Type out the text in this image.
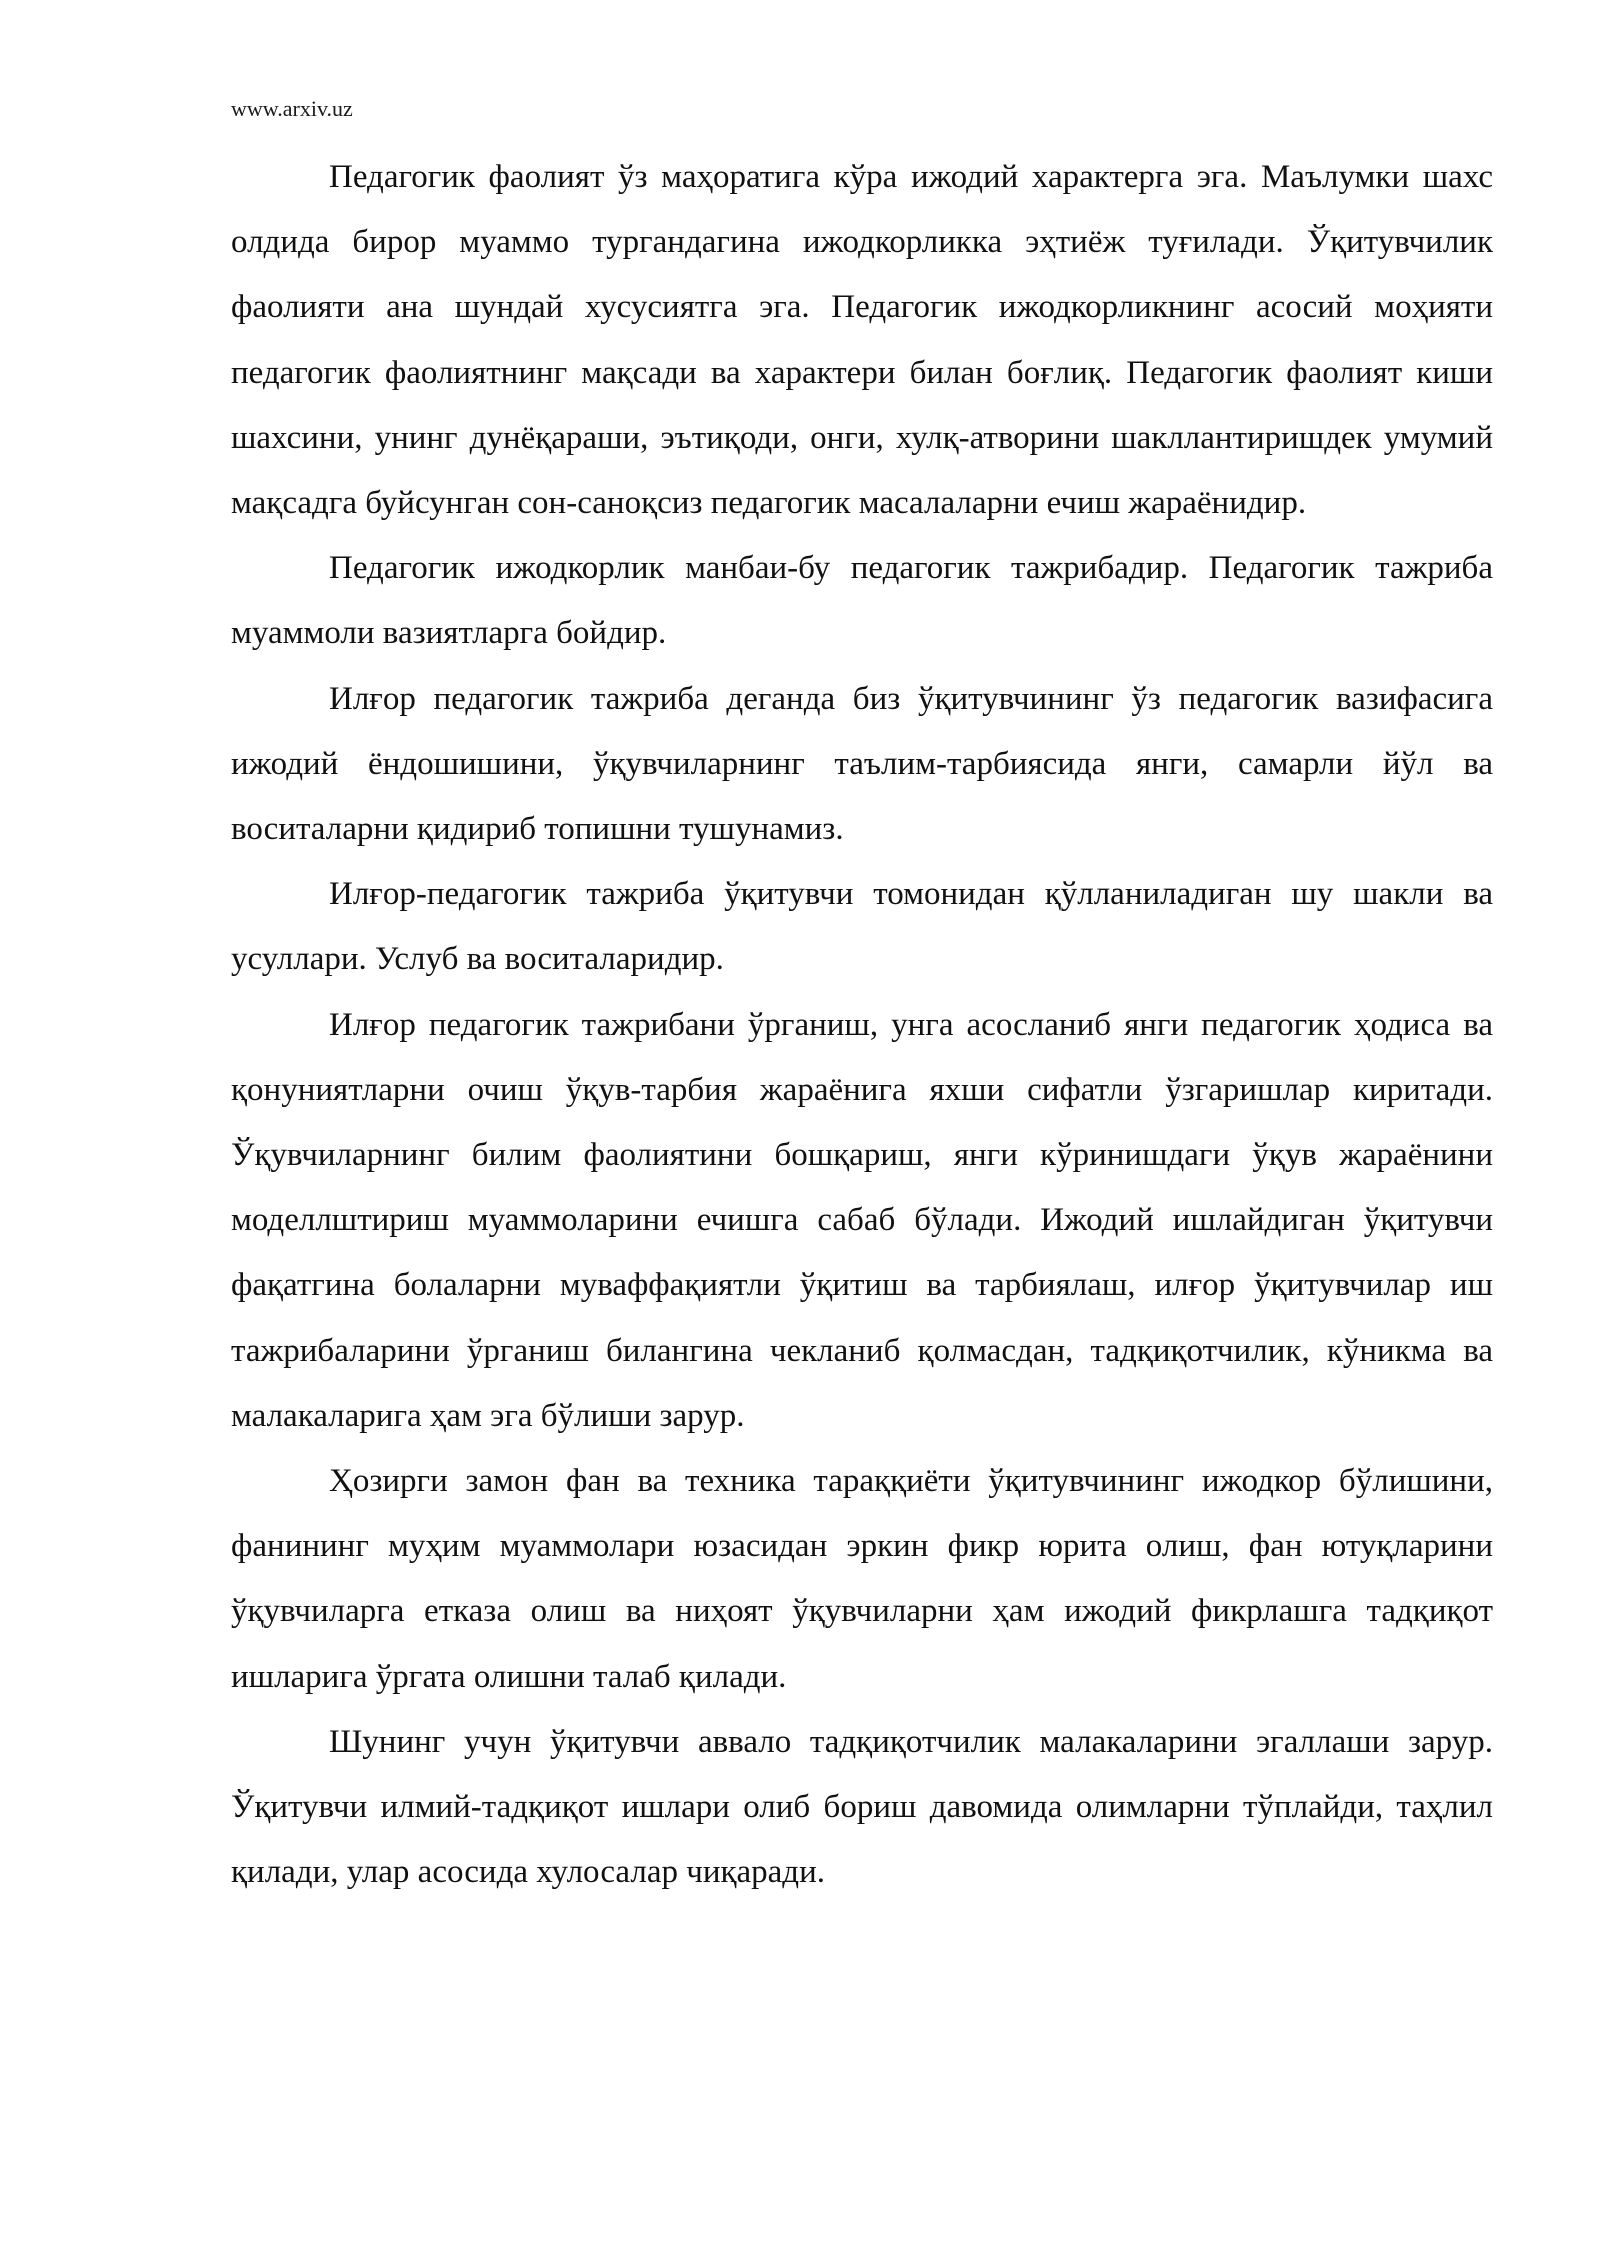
www.arxiv.uz

Педагогик фаолият ўз маҳоратига кўра ижодий характерга эга. Маълумки шахс олдида бирор муаммо тургандагина ижодкорликка эҳтиёж туғилади. Ўқитувчилик фаолияти ана шундай хусусиятга эга. Педагогик ижодкорликнинг асосий моҳияти педагогик фаолиятнинг мақсади ва характери билан боғлиқ. Педагогик фаолият киши шахсини, унинг дунёқараши, эътиқоди, онги, хулқ-атворини шакллантиришдек умумий мақсадга буйсунган сон-саноқсиз педагогик масалаларни ечиш жараёнидир.

Педагогик ижодкорлик манбаи-бу педагогик тажрибадир. Педагогик тажриба муаммоли вазиятларга бойдир.

Илғор педагогик тажриба деганда биз ўқитувчининг ўз педагогик вазифасига ижодий ёндошишини, ўқувчиларнинг таълим-тарбиясида янги, самарли йўл ва воситаларни қидириб топишни тушунамиз.

Илғор-педагогик тажриба ўқитувчи томонидан қўлланиладиган шу шакли ва усуллари. Услуб ва воситаларидир.

Илғор педагогик тажрибани ўрганиш, унга асосланиб янги педагогик ҳодиса ва қонуниятларни очиш ўқув-тарбия жараёнига яхши сифатли ўзгаришлар киритади. Ўқувчиларнинг билим фаолиятини бошқариш, янги кўринишдаги ўқув жараёнини моделлштириш муаммоларини ечишга сабаб бўлади. Ижодий ишлайдиган ўқитувчи фақатгина болаларни муваффақиятли ўқитиш ва тарбиялаш, илғор ўқитувчилар иш тажрибаларини ўрганиш билангина чекланиб қолмасдан, тадқиқотчилик, кўникма ва малакаларига ҳам эга бўлиши зарур.

Ҳозирги замон фан ва техника тараққиёти ўқитувчининг ижодкор бўлишини, фанининг муҳим муаммолари юзасидан эркин фикр юрита олиш, фан ютуқларини ўқувчиларга етказа олиш ва ниҳоят ўқувчиларни ҳам ижодий фикрлашга тадқиқот ишларига ўргата олишни талаб қилади.

Шунинг учун ўқитувчи аввало тадқиқотчилик малакаларини эгаллаши зарур. Ўқитувчи илмий-тадқиқот ишлари олиб бориш давомида олимларни тўплайди, таҳлил қилади, улар асосида хулосалар чиқаради.
